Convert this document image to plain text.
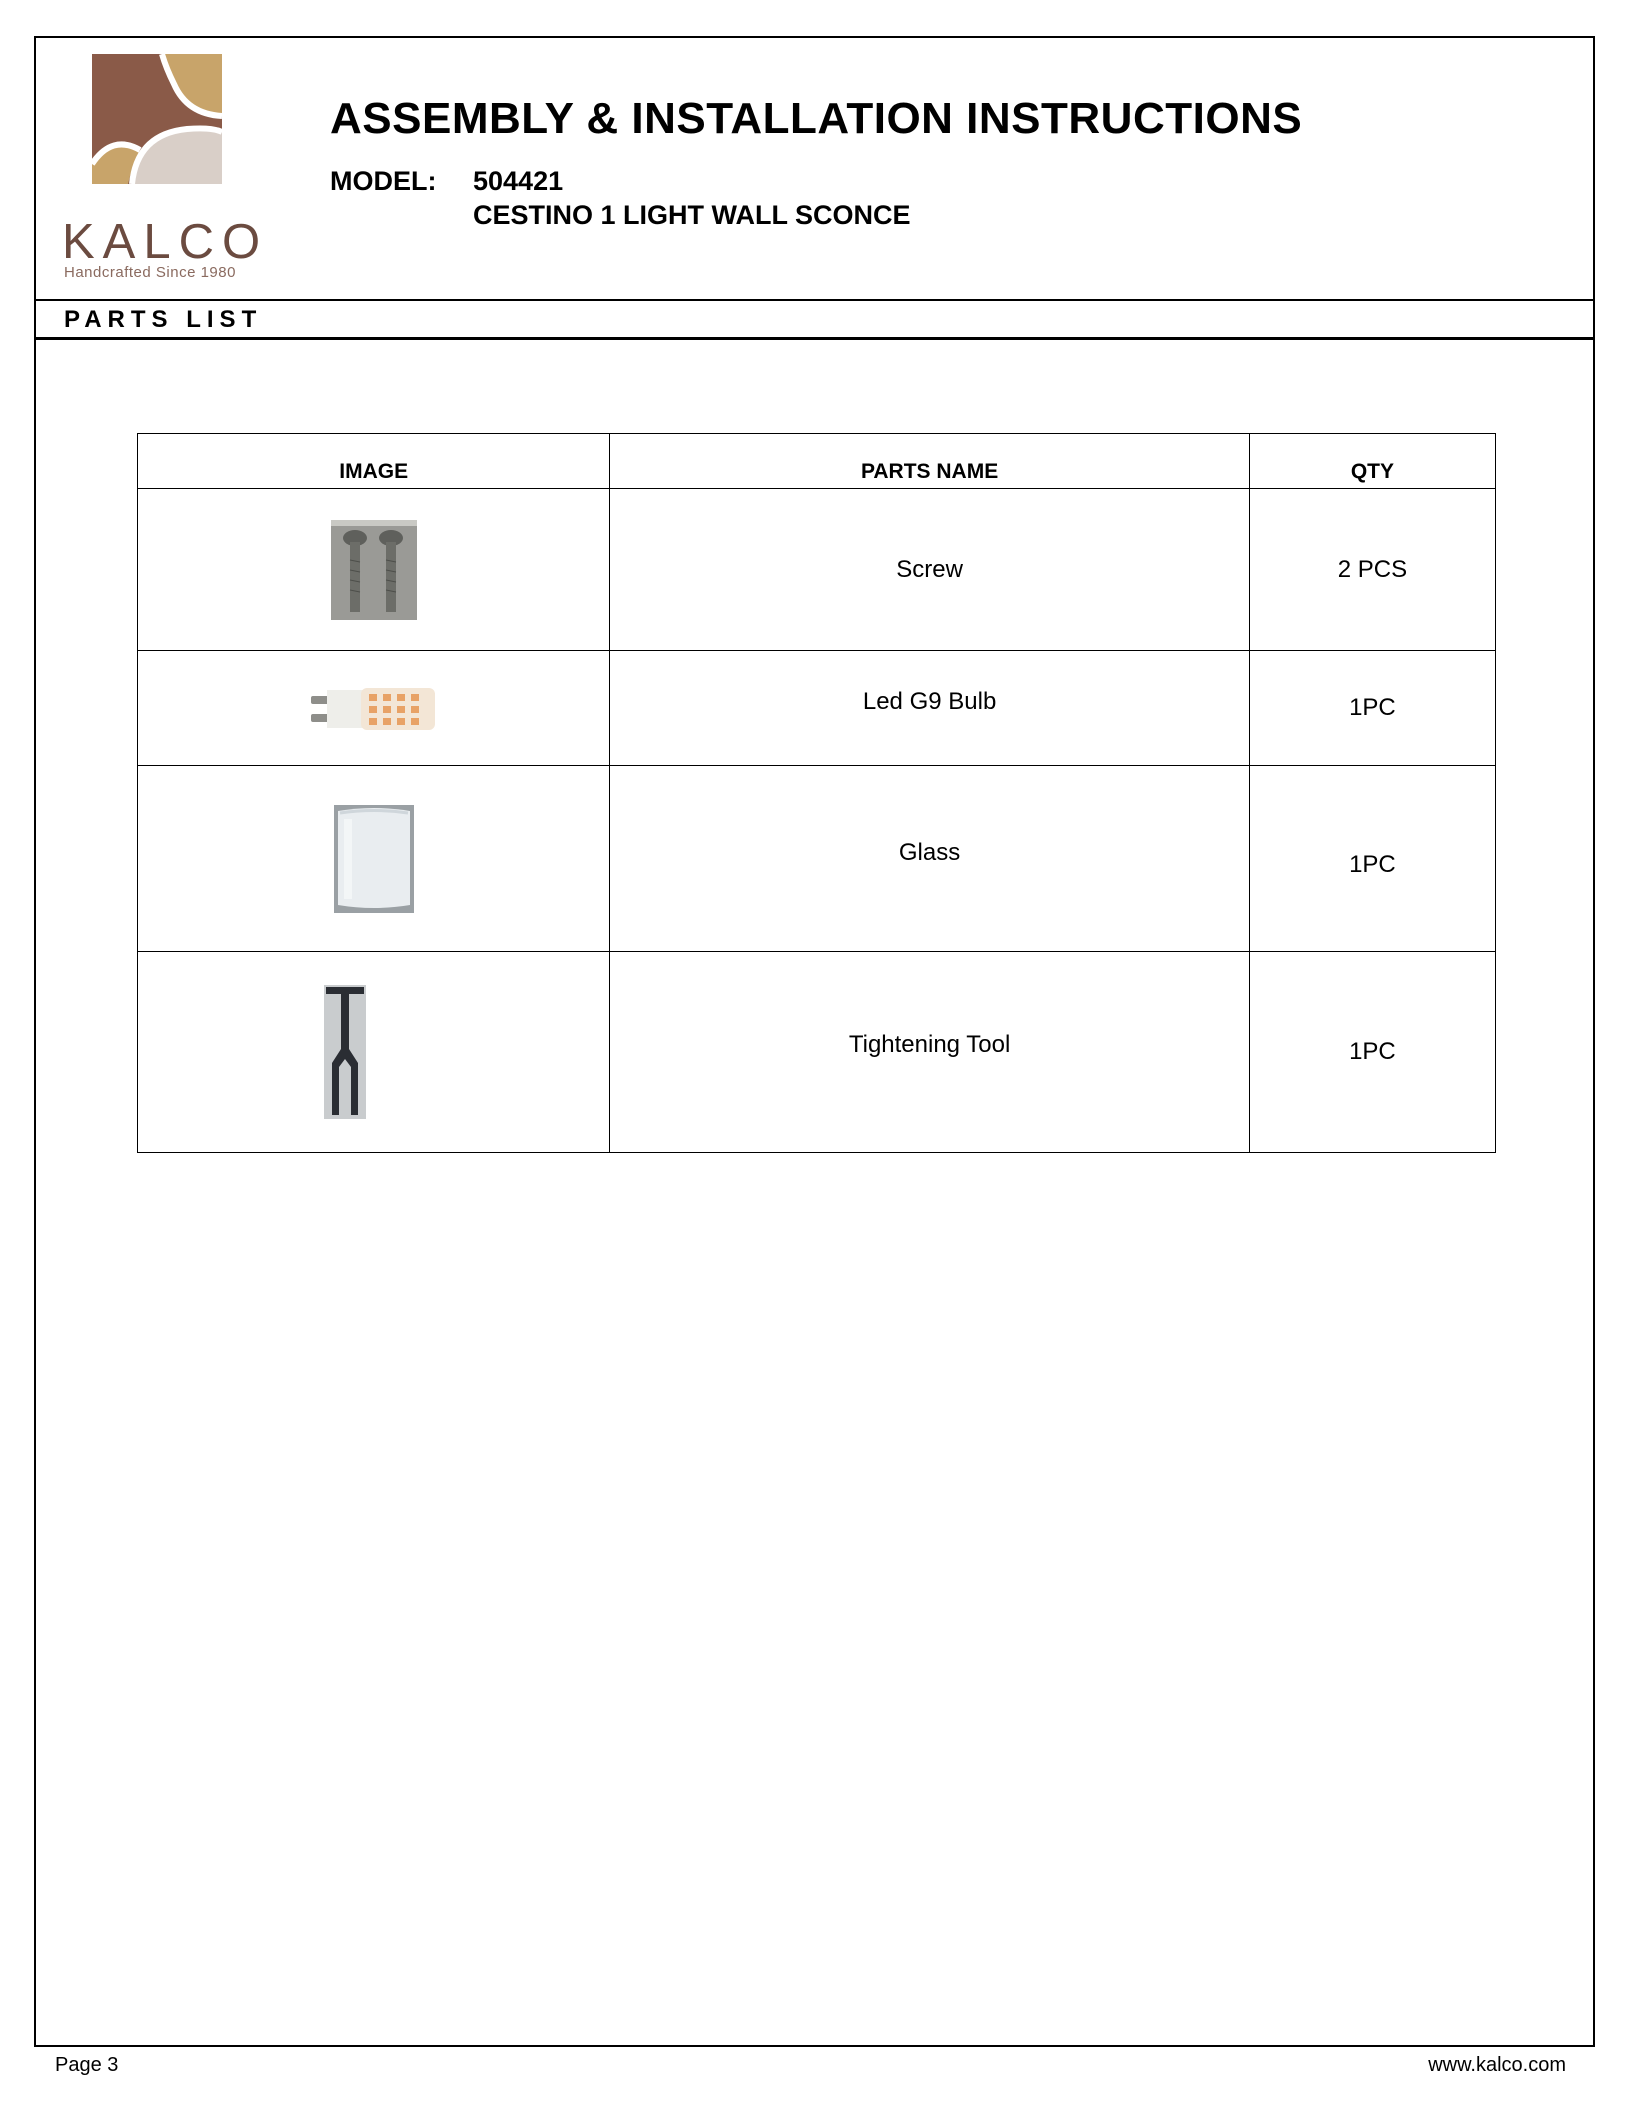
KALCO
Handcrafted Since 1980
ASSEMBLY & INSTALLATION INSTRUCTIONS
MODEL: 504421
CESTINO 1 LIGHT WALL SCONCE
PARTS LIST
IMAGE	PARTS NAME	QTY

	Screw	2 PCS

	Led G9 Bulb	1PC

	Glass	1PC

	Tightening Tool	1PC
Page 3	www.kalco.com
